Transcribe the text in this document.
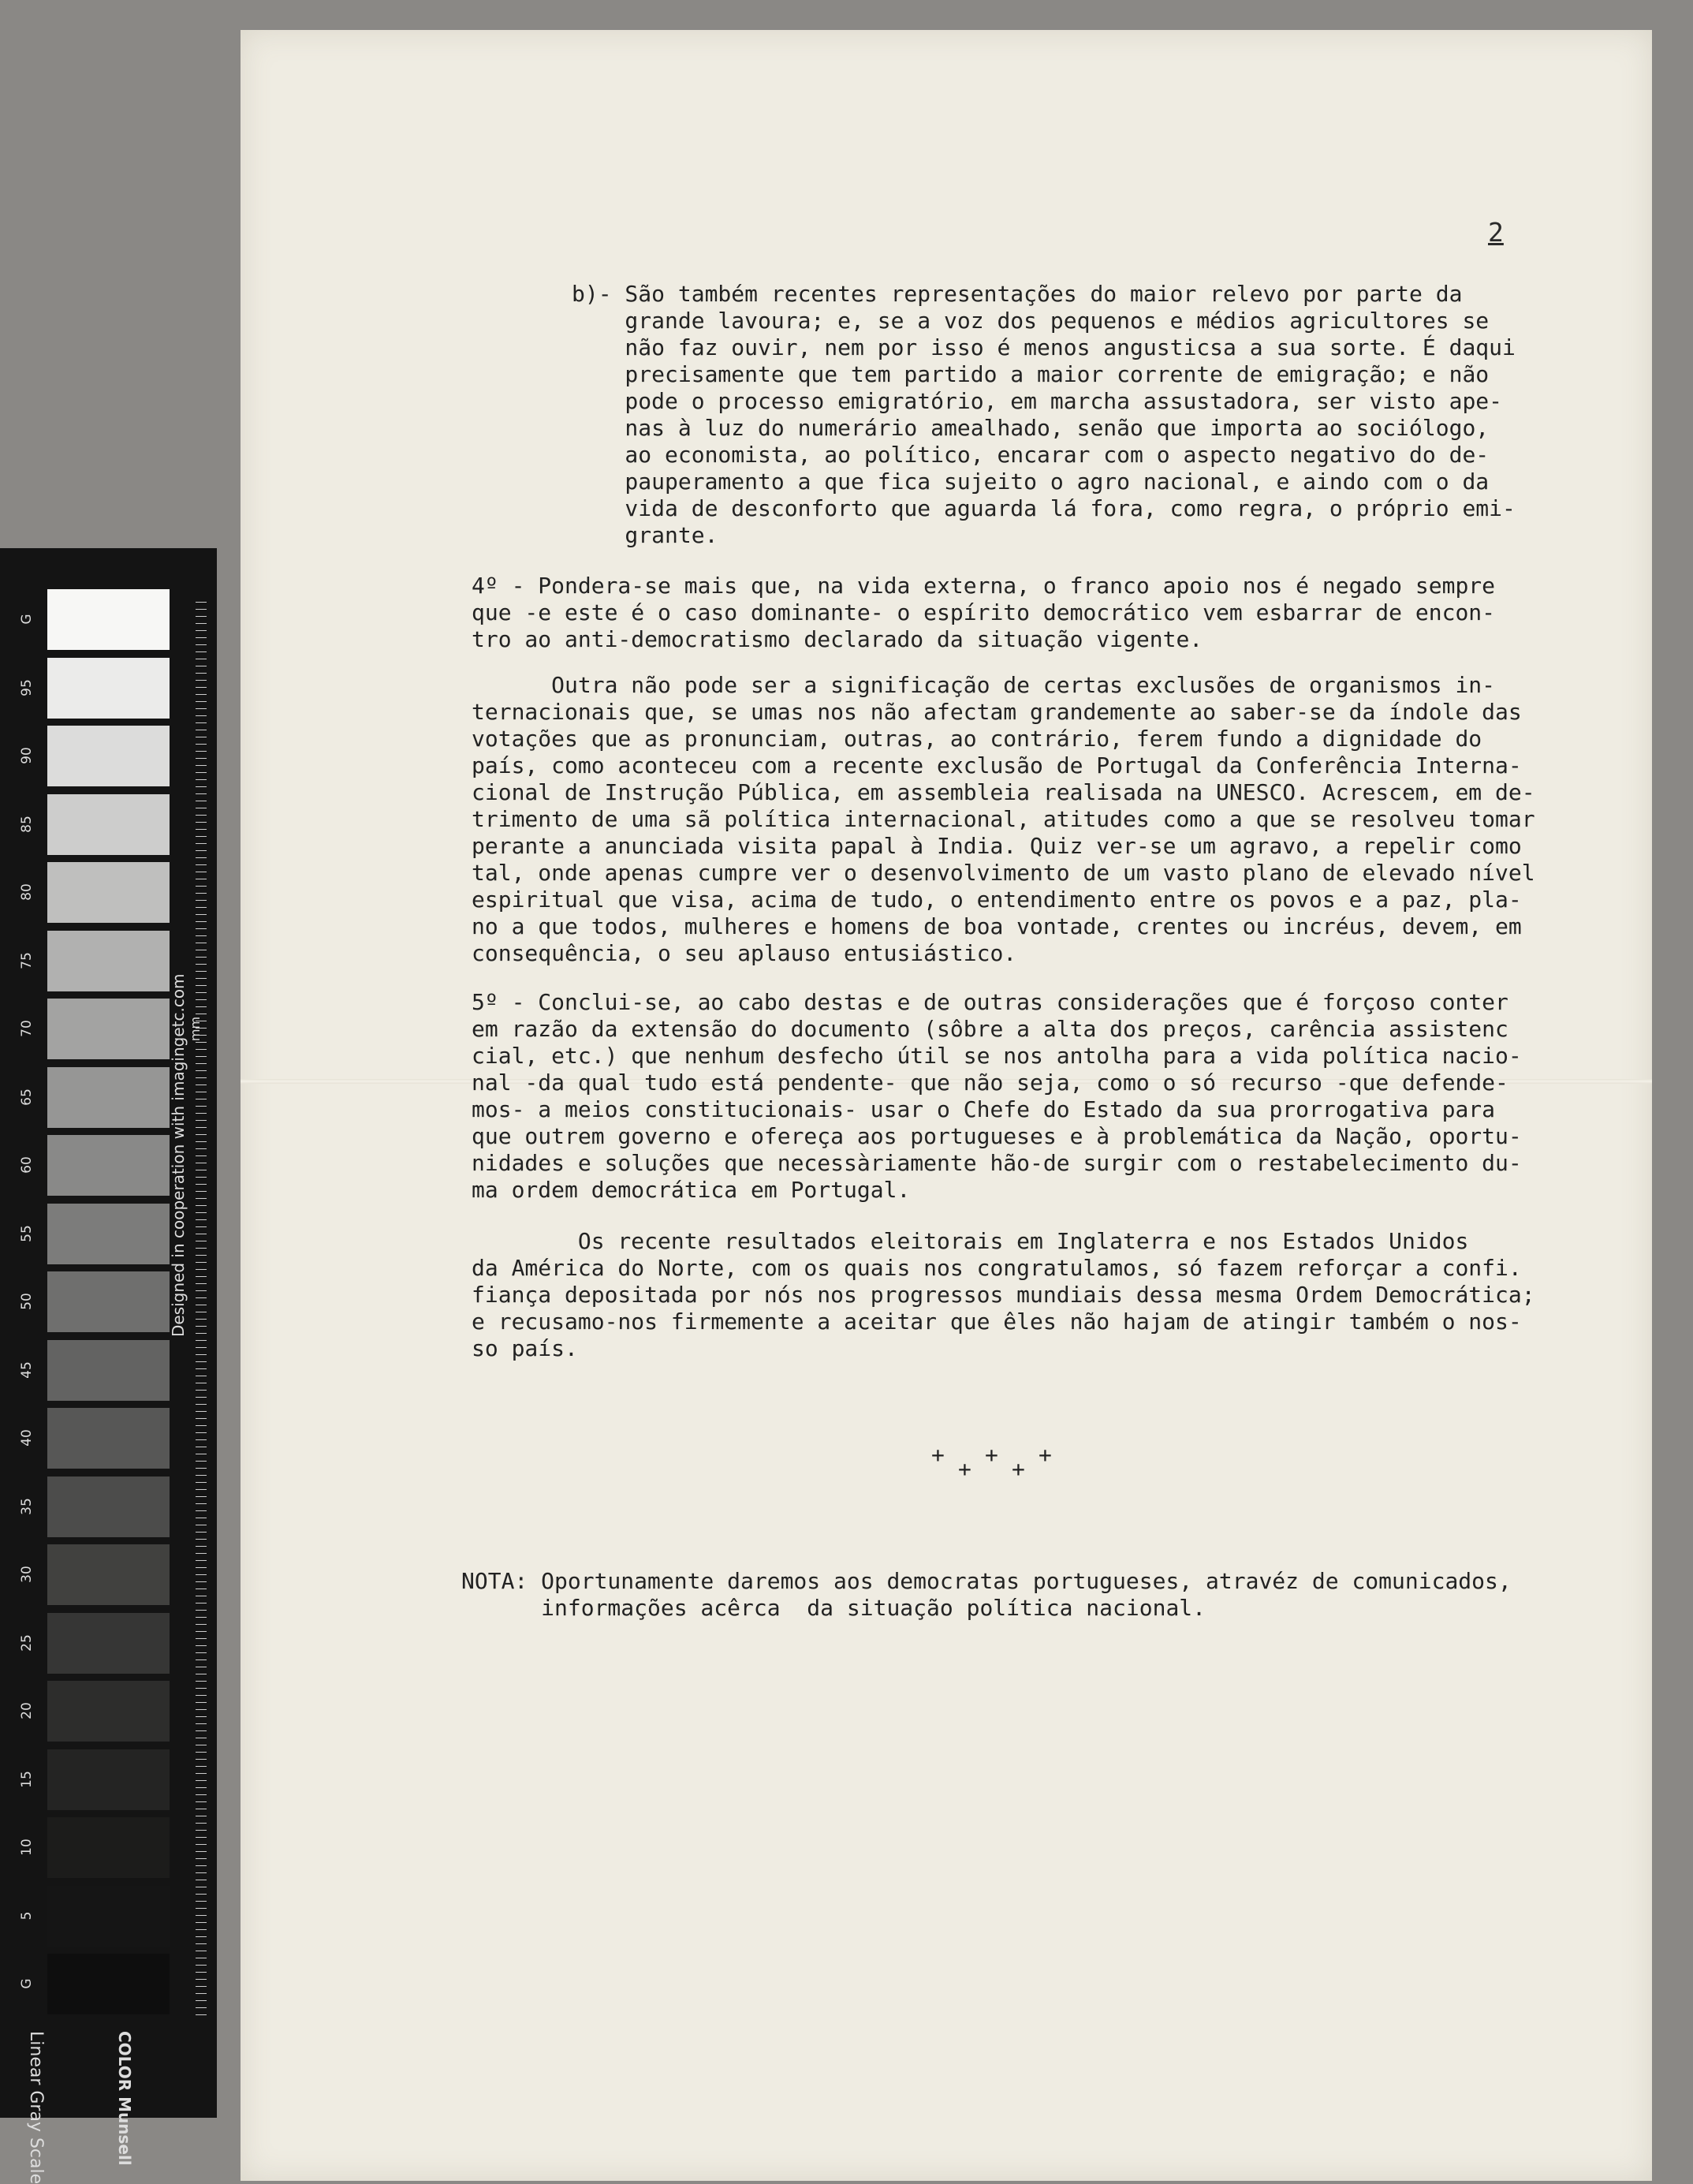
G
95
90
85
80
75
70
65
60
55
50
45
40
35
30
25
20
15
10
5
G
mm
Designed in cooperation with imagingetc.com
Linear Gray Scale	COLOR Munsell
2
b)- São também recentes representações do maior relevo por parte da
grande lavoura; e, se a voz dos pequenos e médios agricultores se
não faz ouvir, nem por isso é menos angusticsa a sua sorte. É daqui
precisamente que tem partido a maior corrente de emigração; e não
pode o processo emigratório, em marcha assustadora, ser visto ape-
nas à luz do numerário amealhado, senão que importa ao sociólogo,
ao economista, ao político, encarar com o aspecto negativo do de-
pauperamento a que fica sujeito o agro nacional, e aindo com o da
vida de desconforto que aguarda lá fora, como regra, o próprio emi-
grante.
4º - Pondera-se mais que, na vida externa, o franco apoio nos é negado sempre
que -e este é o caso dominante- o espírito democrático vem esbarrar de encon-
tro ao anti-democratismo declarado da situação vigente.
Outra não pode ser a significação de certas exclusões de organismos in-
ternacionais que, se umas nos não afectam grandemente ao saber-se da índole das
votações que as pronunciam, outras, ao contrário, ferem fundo a dignidade do
país, como aconteceu com a recente exclusão de Portugal da Conferência Interna-
cional de Instrução Pública, em assembleia realisada na UNESCO. Acrescem, em de-
trimento de uma sã política internacional, atitudes como a que se resolveu tomar
perante a anunciada visita papal à India. Quiz ver-se um agravo, a repelir como
tal, onde apenas cumpre ver o desenvolvimento de um vasto plano de elevado nível
espiritual que visa, acima de tudo, o entendimento entre os povos e a paz, pla-
no a que todos, mulheres e homens de boa vontade, crentes ou incréus, devem, em
consequência, o seu aplauso entusiástico.
5º - Conclui-se, ao cabo destas e de outras considerações que é forçoso conter
em razão da extensão do documento (sôbre a alta dos preços, carência assistenc
cial, etc.) que nenhum desfecho útil se nos antolha para a vida política nacio-
nal -da qual tudo está pendente- que não seja, como o só recurso -que defende-
mos- a meios constitucionais- usar o Chefe do Estado da sua prorrogativa para
que outrem governo e ofereça aos portugueses e à problemática da Nação, oportu-
nidades e soluções que necessàriamente hão-de surgir com o restabelecimento du-
ma ordem democrática em Portugal.
Os recente resultados eleitorais em Inglaterra e nos Estados Unidos
da América do Norte, com os quais nos congratulamos, só fazem reforçar a confi.
fiança depositada por nós nos progressos mundiais dessa mesma Ordem Democrática;
e recusamo-nos firmemente a aceitar que êles não hajam de atingir também o nos-
so país.
+
+
+
+
+
NOTA: Oportunamente daremos aos democratas portugueses, atravéz de comunicados,
informações acêrca  da situação política nacional.
